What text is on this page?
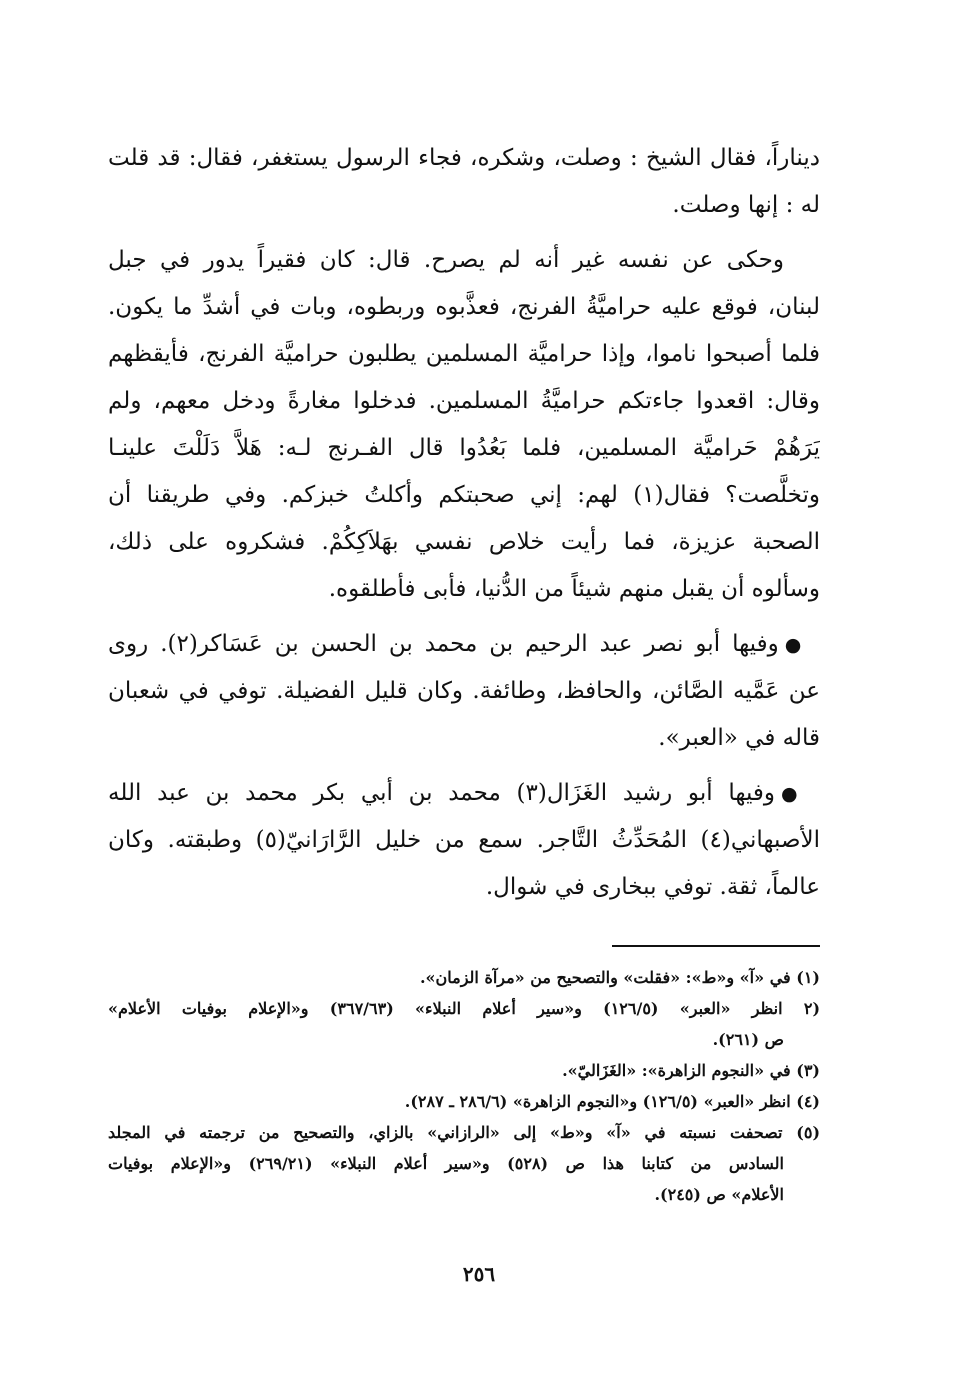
ديناراً، فقال الشيخ : وصلت، وشكره، فجاء الرسول يستغفر، فقال: قد قلت
له : إنها وصلت.
وحكى عن نفسه غير أنه لم يصرح. قال: كان فقيراً يدور في جبل
لبنان، فوقع عليه حراميَّةُ الفرنج، فعذَّبوه وربطوه، وبات في أشدِّ ما يكون.
فلما أصبحوا ناموا، وإذا حراميَّة المسلمين يطلبون حراميَّة الفرنج، فأيقظهم
وقال: اقعدوا جاءتكم حراميَّةُ المسلمين. فدخلوا مغارةً ودخل معهم، ولم
يَرَهُمْ حَراميَّة المسلمين، فلما بَعُدُوا قال الفـرنج لـه: هَلاَّ دَلَلْتَ علينـا
وتخلَّصت؟ فقال(١) لهم: إني صحبتكم وأكلتُ خبزكم. وفي طريقنا أن
الصحبة عزيزة، فما رأيت خلاص نفسي بهَلاَكِكُمْ. فشكروه على ذلك،
وسألوه أن يقبل منهم شيئاً من الدُّنيا، فأبى فأطلقوه.
●وفيها أبو نصر عبد الرحيم بن محمد بن الحسن بن عَسَاكر(٢). روى
عن عَمَّيه الصَّائن، والحافظ، وطائفة. وكان قليل الفضيلة. توفي في شعبان
قاله في «العبر».
●وفيها أبو رشيد الغَزَال(٣) محمد بن أبي بكر محمد بن عبد الله
الأصبهاني(٤) المُحَدِّثُ التَّاجر. سمع من خليل الرَّارَانيّ(٥) وطبقته. وكان
عالماً، ثقة. توفي ببخارى في شوال.
(١) في «آ» و«ط»: «فقلت» والتصحيح من «مرآة الزمان».
(٢ انظر «العبر» (١٢٦/٥) و«سير أعلام النبلاء» (٣٦٧/٦٣) و«الإعلام بوفيات الأعلام»
ص (٢٦١).
(٣) في «النجوم الزاهرة»: «الغَزَاليّ».
(٤) انظر «العبر» (١٢٦/٥) و«النجوم الزاهرة» (٢٨٦/٦ ـ ٢٨٧).
(٥) تصحفت نسبته في «آ» و«ط» إلى «الرازاني» بالزاي، والتصحيح من ترجمته في المجلد
السادس من كتابنا هذا ص (٥٢٨) و«سير أعلام النبلاء» (٢٦٩/٢١) و«الإعلام بوفيات
الأعلام» ص (٢٤٥).
٢٥٦
